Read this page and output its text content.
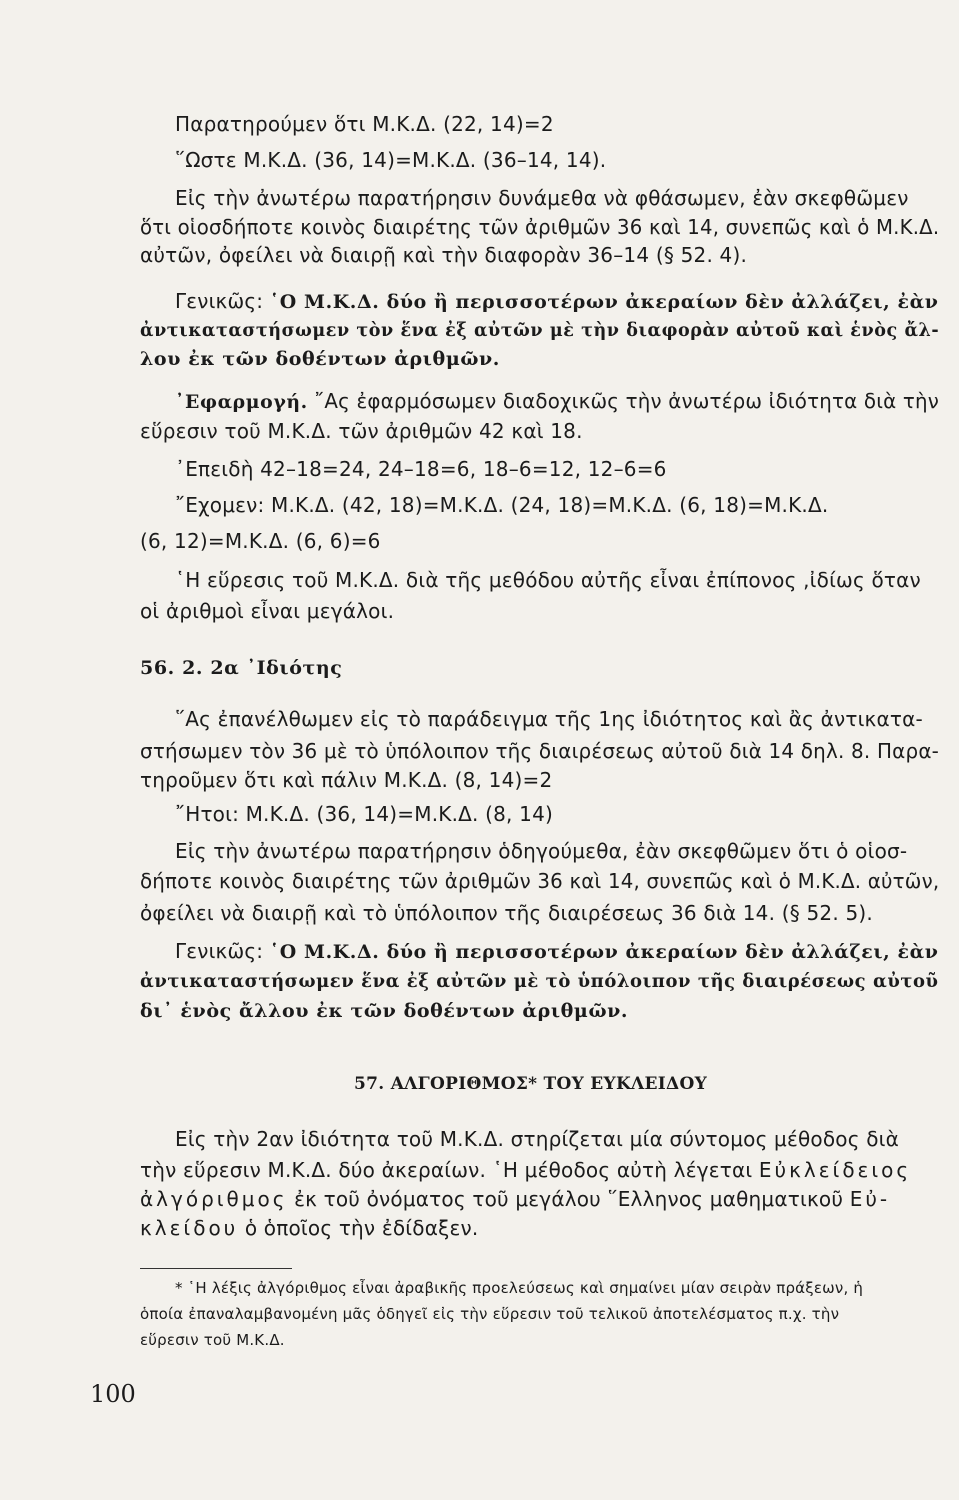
Παρατηρούμεν ὅτι Μ.Κ.Δ. (22, 14)=2
῞Ωστε Μ.Κ.Δ. (36, 14)=Μ.Κ.Δ. (36–14, 14).
Εἰς τὴν ἀνωτέρω παρατήρησιν δυνάμεθα νὰ φθάσωμεν, ἐὰν σκεφθῶμεν
ὅτι οἱοσδήποτε κοινὸς διαιρέτης τῶν ἀριθμῶν 36 καὶ 14, συνεπῶς καὶ ὁ Μ.Κ.Δ.
αὐτῶν, ὀφείλει νὰ διαιρῇ καὶ τὴν διαφορὰν 36–14 (§ 52. 4).
Γενικῶς: ῾Ο Μ.Κ.Δ. δύο ἢ περισσοτέρων ἀκεραίων δὲν ἀλλάζει, ἐὰν
ἀντικαταστήσωμεν τὸν ἕνα ἐξ αὐτῶν μὲ τὴν διαφορὰν αὐτοῦ καὶ ἑνὸς ἄλ-
λου ἐκ τῶν δοθέντων ἀριθμῶν.
᾿Εφαρμογή. ῎Ας ἐφαρμόσωμεν διαδοχικῶς τὴν ἀνωτέρω ἰδιότητα διὰ τὴν
εὕρεσιν τοῦ Μ.Κ.Δ. τῶν ἀριθμῶν 42 καὶ 18.
᾿Επειδὴ 42–18=24, 24–18=6, 18–6=12, 12–6=6
῎Εχομεν: Μ.Κ.Δ. (42, 18)=Μ.Κ.Δ. (24, 18)=Μ.Κ.Δ. (6, 18)=Μ.Κ.Δ.
(6, 12)=Μ.Κ.Δ. (6, 6)=6
῾Η εὕρεσις τοῦ Μ.Κ.Δ. διὰ τῆς μεθόδου αὐτῆς εἶναι ἐπίπονος ,ἰδίως ὅταν
οἱ ἀριθμοὶ εἶναι μεγάλοι.
56. 2. 2α ᾿Ιδιότης
῞Ας ἐπανέλθωμεν εἰς τὸ παράδειγμα τῆς 1ης ἰδιότητος καὶ ἂς ἀντικατα-
στήσωμεν τὸν 36 μὲ τὸ ὑπόλοιπον τῆς διαιρέσεως αὐτοῦ διὰ 14 δηλ. 8. Παρα-
τηροῦμεν ὅτι καὶ πάλιν Μ.Κ.Δ. (8, 14)=2
῎Ητοι: Μ.Κ.Δ. (36, 14)=Μ.Κ.Δ. (8, 14)
Εἰς τὴν ἀνωτέρω παρατήρησιν ὁδηγούμεθα, ἐὰν σκεφθῶμεν ὅτι ὁ οἱοσ-
δήποτε κοινὸς διαιρέτης τῶν ἀριθμῶν 36 καὶ 14, συνεπῶς καὶ ὁ Μ.Κ.Δ. αὐτῶν,
ὀφείλει νὰ διαιρῇ καὶ τὸ ὑπόλοιπον τῆς διαιρέσεως 36 διὰ 14. (§ 52. 5).
Γενικῶς: ῾Ο Μ.Κ.Δ. δύο ἢ περισσοτέρων ἀκεραίων δὲν ἀλλάζει, ἐὰν
ἀντικαταστήσωμεν ἕνα ἐξ αὐτῶν μὲ τὸ ὑπόλοιπον τῆς διαιρέσεως αὐτοῦ
δι᾿ ἑνὸς ἄλλου ἐκ τῶν δοθέντων ἀριθμῶν.
57. ΑΛΓΟΡΙΘΜΟΣ* ΤΟΥ ΕΥΚΛΕΙΔΟΥ
Εἰς τὴν 2αν ἰδιότητα τοῦ Μ.Κ.Δ. στηρίζεται μία σύντομος μέθοδος διὰ
τὴν εὕρεσιν Μ.Κ.Δ. δύο ἀκεραίων. ῾Η μέθοδος αὐτὴ λέγεται Εὐκλείδειος
ἀλγόριθμος ἐκ τοῦ ὀνόματος τοῦ μεγάλου ῞Ελληνος μαθηματικοῦ Εὐ-
κλείδου ὁ ὁποῖος τὴν ἐδίδαξεν.
* ῾Η λέξις ἀλγόριθμος εἶναι ἀραβικῆς προελεύσεως καὶ σημαίνει μίαν σειρὰν πράξεων, ἡ
ὁποία ἐπαναλαμβανομένη μᾶς ὁδηγεῖ εἰς τὴν εὕρεσιν τοῦ τελικοῦ ἀποτελέσματος π.χ. τὴν
εὕρεσιν τοῦ Μ.Κ.Δ.
100
